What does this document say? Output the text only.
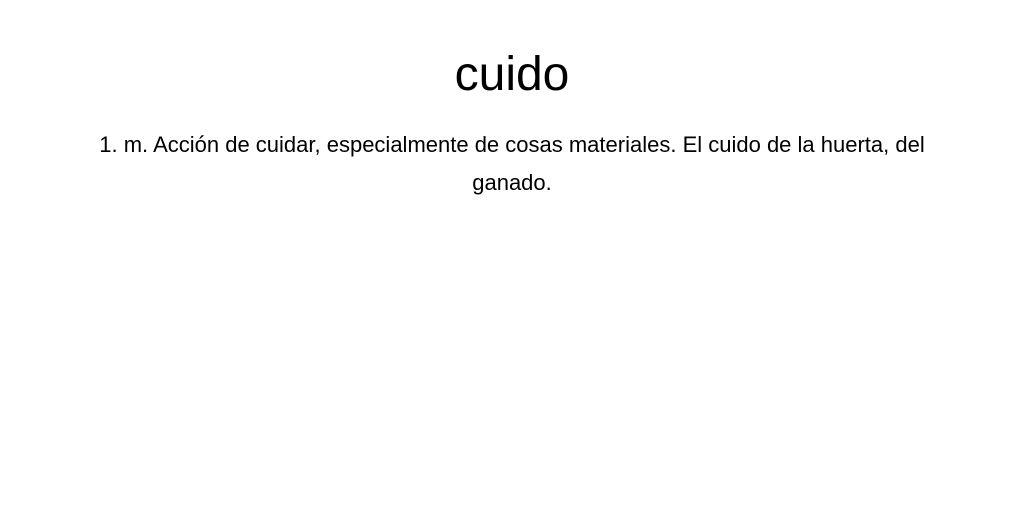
cuido

1. m. Acción de cuidar, especialmente de cosas materiales. El cuido de la huerta, del ganado.
